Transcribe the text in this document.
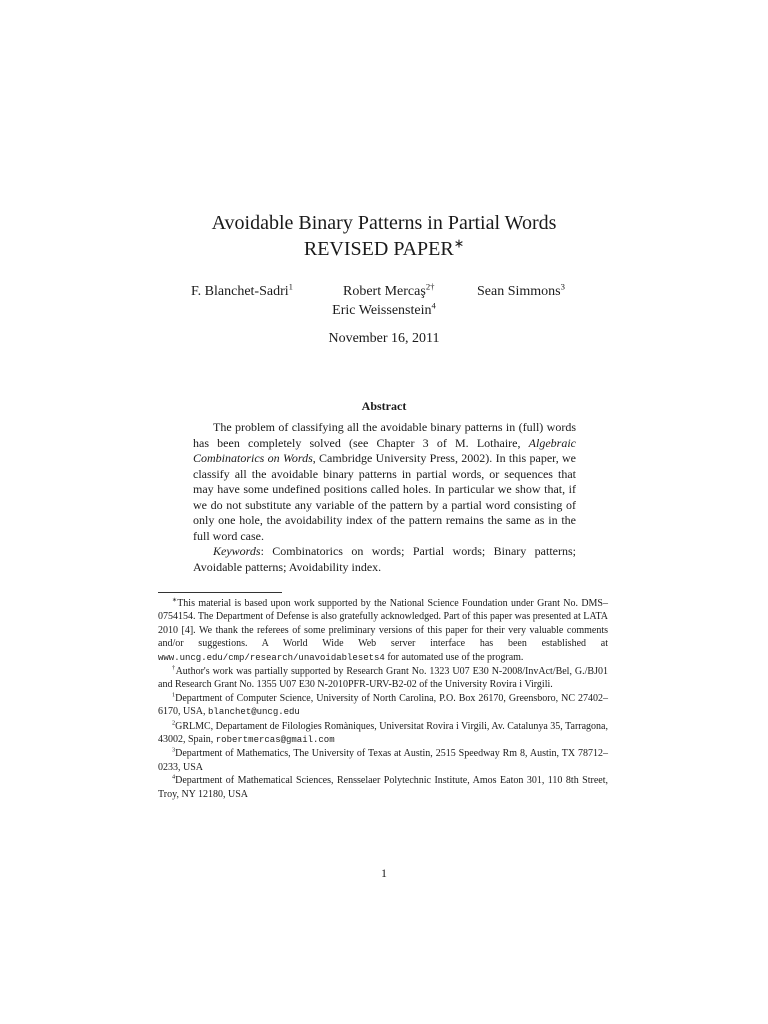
Avoidable Binary Patterns in Partial Words
REVISED PAPER∗
F. Blanchet-Sadri$^1$	Robert Mercaş$^{2\dagger}$	Sean Simmons$^3$
Eric Weissenstein$^4$
November 16, 2011
Abstract

The problem of classifying all the avoidable binary patterns in (full) words has been completely solved (see Chapter 3 of M. Lothaire, Algebraic Combinatorics on Words, Cambridge University Press, 2002). In this paper, we classify all the avoidable binary patterns in partial words, or sequences that may have some undefined positions called holes. In particular we show that, if we do not substitute any variable of the pattern by a partial word consisting of only one hole, the avoidability index of the pattern remains the same as in the full word case.

Keywords: Combinatorics on words; Partial words; Binary patterns; Avoidable patterns; Avoidability index.

∗This material is based upon work supported by the National Science Foundation under Grant No. DMS–0754154. The Department of Defense is also gratefully acknowledged. Part of this paper was presented at LATA 2010 [4]. We thank the referees of some preliminary versions of this paper for their very valuable comments and/or suggestions. A World Wide Web server interface has been established at www.uncg.edu/cmp/research/unavoidablesets4 for automated use of the program.

†Author's work was partially supported by Research Grant No. 1323 U07 E30 N-2008/InvAct/Bel, G./BJ01 and Research Grant No. 1355 U07 E30 N-2010PFR-URV-B2-02 of the University Rovira i Virgili.

$^1$Department of Computer Science, University of North Carolina, P.O. Box 26170, Greensboro, NC 27402–6170, USA, blanchet@uncg.edu

$^2$GRLMC, Departament de Filologies Romàniques, Universitat Rovira i Virgili, Av. Catalunya 35, Tarragona, 43002, Spain, robertmercas@gmail.com

$^3$Department of Mathematics, The University of Texas at Austin, 2515 Speedway Rm 8, Austin, TX 78712–0233, USA

$^4$Department of Mathematical Sciences, Rensselaer Polytechnic Institute, Amos Eaton 301, 110 8th Street, Troy, NY 12180, USA

1
